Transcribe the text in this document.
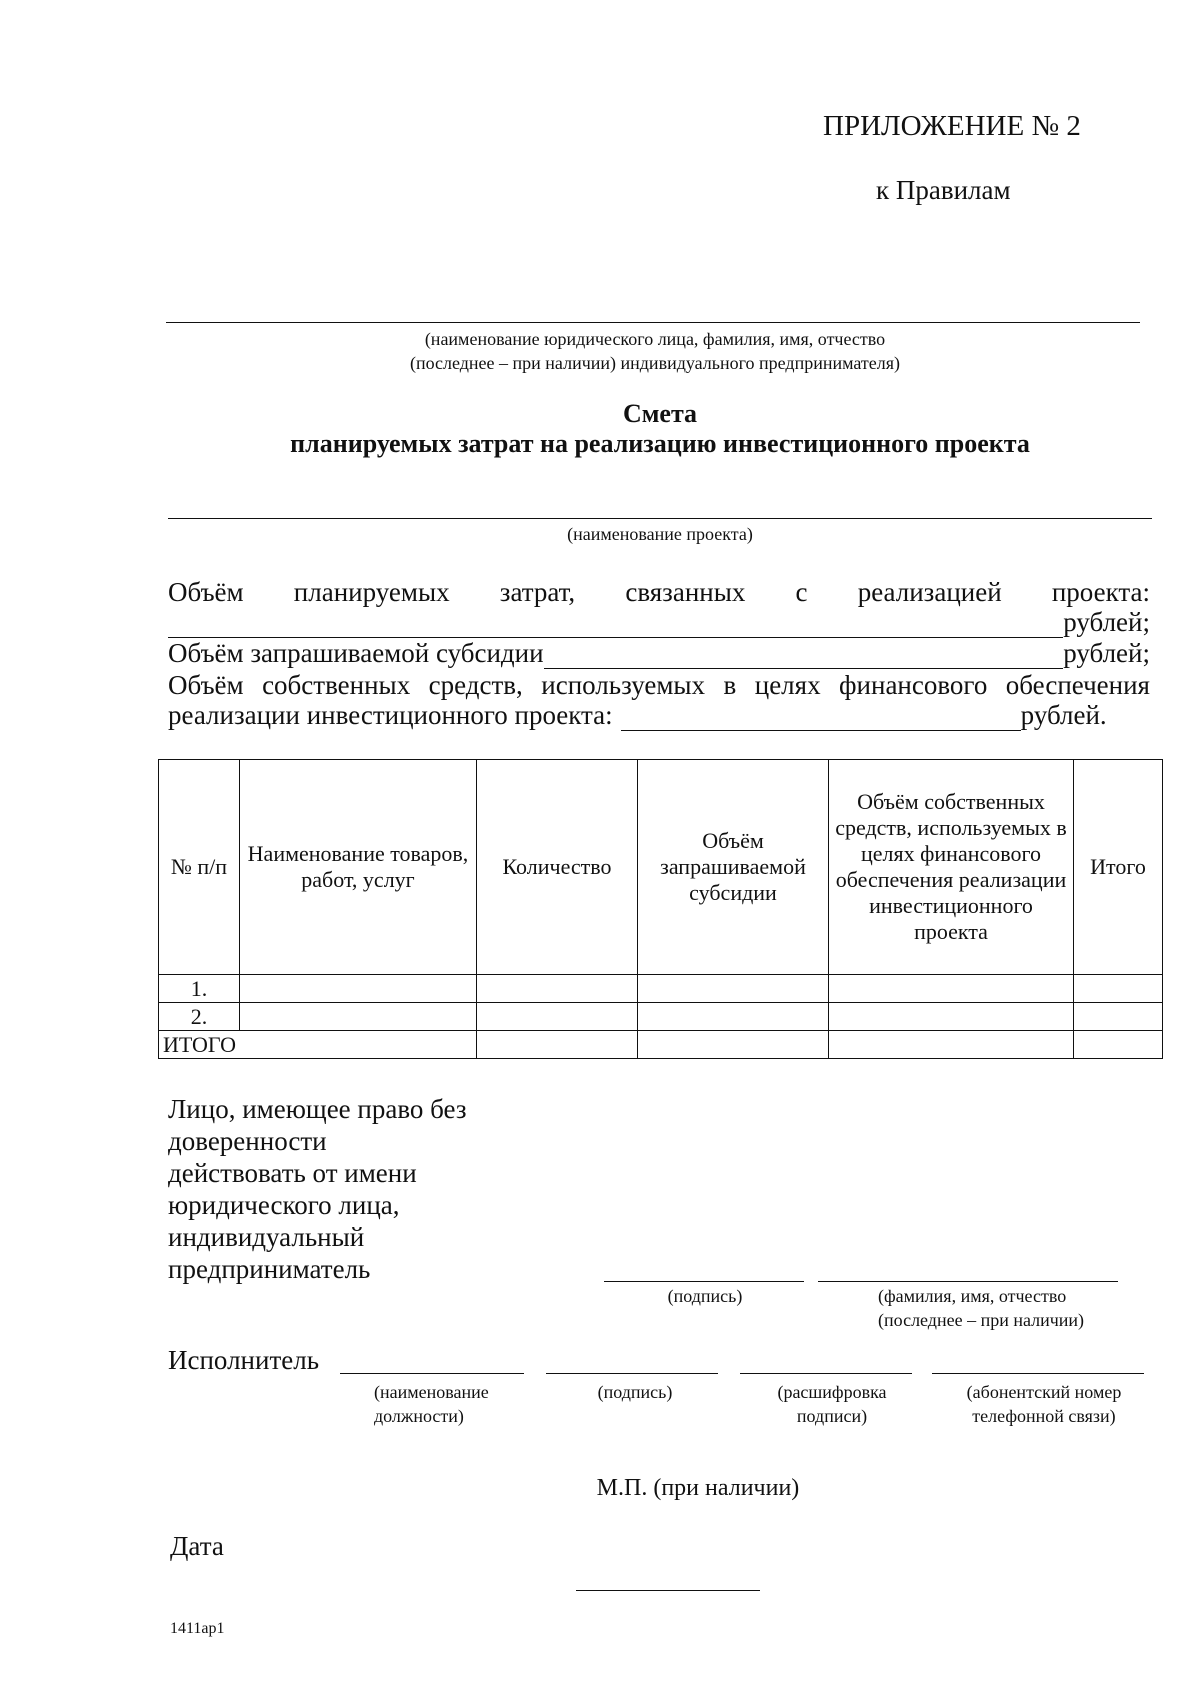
ПРИЛОЖЕНИЕ № 2
к Правилам
(наименование юридического лица, фамилия, имя, отчество
(последнее – при наличии) индивидуального предпринимателя)
Смета
планируемых затрат на реализацию инвестиционного проекта
(наименование проекта)
Объём планируемых затрат, связанных с реализацией проекта:
рублей;
Объём запрашиваемой субсидии	рублей;
Объём собственных средств, используемых в целях финансового обеспечения
реализации инвестиционного проекта:	рублей.
№ п/п	Наименование товаров, работ, услуг	Количество	Объём запрашиваемой субсидии	Объём собственных средств, используемых в целях финансового обеспечения реализации инвестиционного проекта	Итого
1.					
2.					
ИТОГО					
Лицо, имеющее право без доверенности действовать от имени юридического лица, индивидуальный предприниматель
(подпись)	(фамилия, имя, отчество
(последнее – при наличии)
Исполнитель
(наименование
должности)
(подпись)	(расшифровка
подписи)
(абонентский номер
телефонной связи)
М.П. (при наличии)
Дата
1411ap1
